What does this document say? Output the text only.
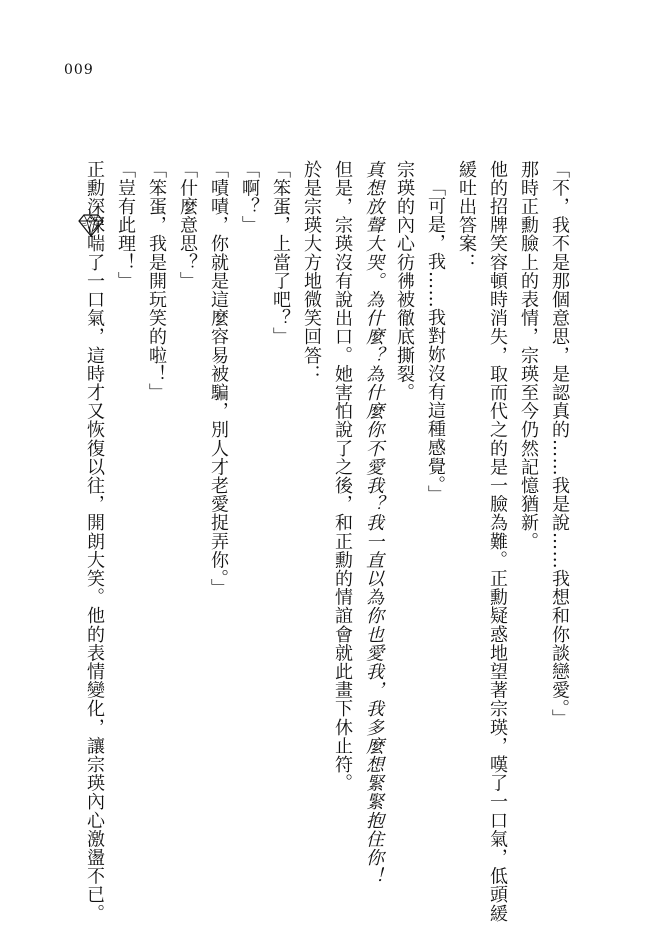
009
「不，我不是那個意思，是認真的……我是說……我想和你談戀愛。」
那時正勳臉上的表情，宗瑛至今仍然記憶猶新。
他的招牌笑容頓時消失，取而代之的是一臉為難。正勳疑惑地望著宗瑛，嘆了一口氣，低頭緩
緩吐出答案：
「可是，我……我對妳沒有這種感覺。」
宗瑛的內心彷彿被徹底撕裂。
真想放聲大哭。為什麼？為什麼你不愛我？我一直以為你也愛我，我多麼想緊緊抱住你！
但是，宗瑛沒有說出口。她害怕說了之後，和正勳的情誼會就此畫下休止符。
於是宗瑛大方地微笑回答：
「笨蛋，上當了吧？」
「啊？」
「嘖嘖，你就是這麼容易被騙，別人才老愛捉弄你。」
「什麼意思？」
「笨蛋，我是開玩笑的啦！」
「豈有此理！」
正勳深深喘了一口氣，這時才又恢復以往，開朗大笑。他的表情變化，讓宗瑛內心激盪不已。
